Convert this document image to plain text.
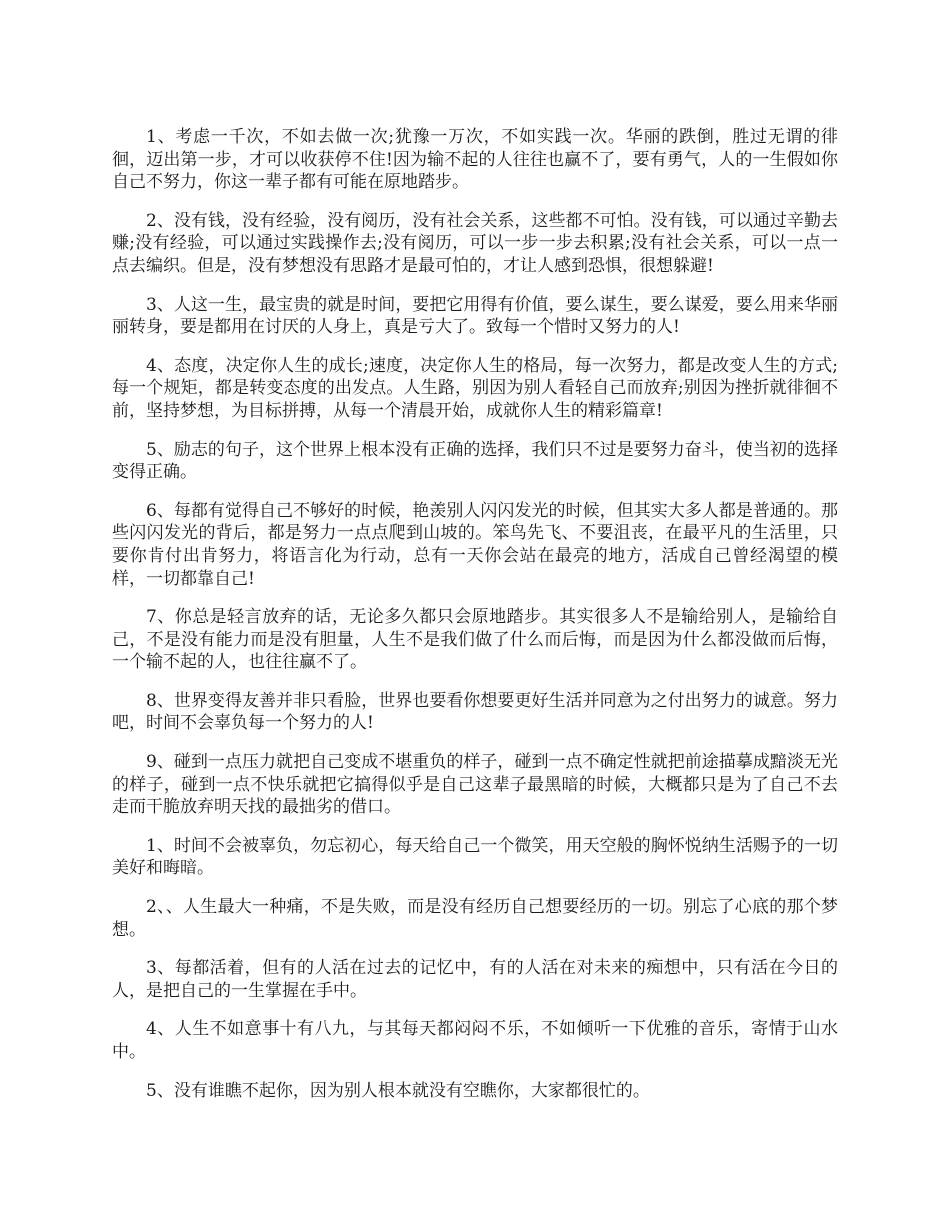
1、考虑一千次，不如去做一次;犹豫一万次，不如实践一次。华丽的跌倒，胜过无谓的徘徊，迈出第一步，才可以收获停不住!因为输不起的人往往也赢不了，要有勇气，人的一生假如你自己不努力，你这一辈子都有可能在原地踏步。

2、没有钱，没有经验，没有阅历，没有社会关系，这些都不可怕。没有钱，可以通过辛勤去赚;没有经验，可以通过实践操作去;没有阅历，可以一步一步去积累;没有社会关系，可以一点一点去编织。但是，没有梦想没有思路才是最可怕的，才让人感到恐惧，很想躲避!

3、人这一生，最宝贵的就是时间，要把它用得有价值，要么谋生，要么谋爱，要么用来华丽丽转身，要是都用在讨厌的人身上，真是亏大了。致每一个惜时又努力的人!

4、态度，决定你人生的成长;速度，决定你人生的格局，每一次努力，都是改变人生的方式;每一个规矩，都是转变态度的出发点。人生路，别因为别人看轻自己而放弃;别因为挫折就徘徊不前，坚持梦想，为目标拼搏，从每一个清晨开始，成就你人生的精彩篇章!

5、励志的句子，这个世界上根本没有正确的选择，我们只不过是要努力奋斗，使当初的选择变得正确。

6、每都有觉得自己不够好的时候，艳羡别人闪闪发光的时候，但其实大多人都是普通的。那些闪闪发光的背后，都是努力一点点爬到山坡的。笨鸟先飞、不要沮丧，在最平凡的生活里，只要你肯付出肯努力，将语言化为行动，总有一天你会站在最亮的地方，活成自己曾经渴望的模样，一切都靠自己!

7、你总是轻言放弃的话，无论多久都只会原地踏步。其实很多人不是输给别人，是输给自己，不是没有能力而是没有胆量，人生不是我们做了什么而后悔，而是因为什么都没做而后悔，一个输不起的人，也往往赢不了。

8、世界变得友善并非只看脸，世界也要看你想要更好生活并同意为之付出努力的诚意。努力吧，时间不会辜负每一个努力的人!

9、碰到一点压力就把自己变成不堪重负的样子，碰到一点不确定性就把前途描摹成黯淡无光的样子，碰到一点不快乐就把它搞得似乎是自己这辈子最黑暗的时候，大概都只是为了自己不去走而干脆放弃明天找的最拙劣的借口。

1、时间不会被辜负，勿忘初心，每天给自己一个微笑，用天空般的胸怀悦纳生活赐予的一切美好和晦暗。

2、、人生最大一种痛，不是失败，而是没有经历自己想要经历的一切。别忘了心底的那个梦想。

3、每都活着，但有的人活在过去的记忆中，有的人活在对未来的痴想中，只有活在今日的人，是把自己的一生掌握在手中。

4、人生不如意事十有八九，与其每天都闷闷不乐，不如倾听一下优雅的音乐，寄情于山水中。

5、没有谁瞧不起你，因为别人根本就没有空瞧你，大家都很忙的。
